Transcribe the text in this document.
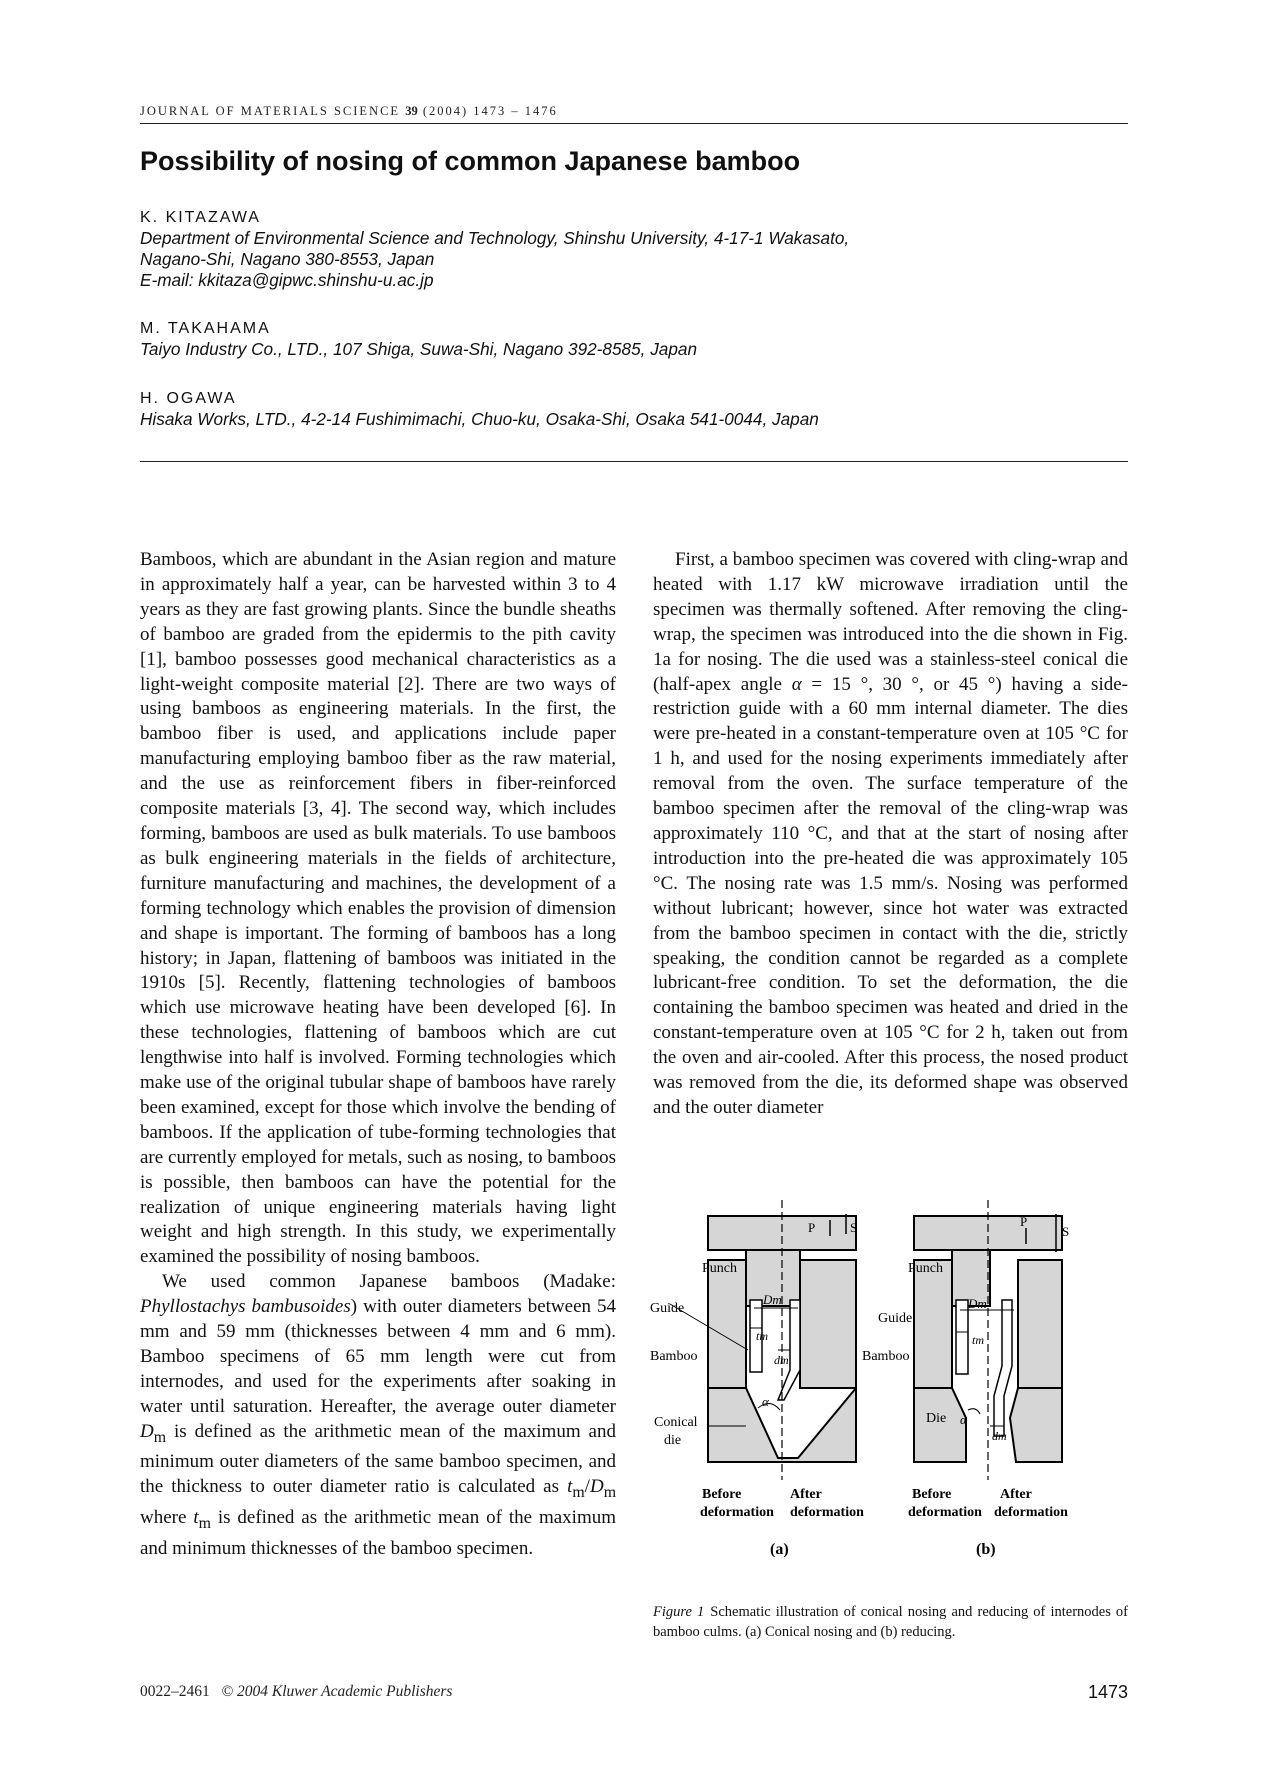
JOURNAL OF MATERIALS SCIENCE 39 (2004) 1473 – 1476
Possibility of nosing of common Japanese bamboo
K. KITAZAWA
Department of Environmental Science and Technology, Shinshu University, 4-17-1 Wakasato,
Nagano-Shi, Nagano 380-8553, Japan
E-mail: kkitaza@gipwc.shinshu-u.ac.jp
M. TAKAHAMA
Taiyo Industry Co., LTD., 107 Shiga, Suwa-Shi, Nagano 392-8585, Japan
H. OGAWA
Hisaka Works, LTD., 4-2-14 Fushimimachi, Chuo-ku, Osaka-Shi, Osaka 541-0044, Japan

Bamboos, which are abundant in the Asian region and mature in approximately half a year, can be harvested within 3 to 4 years as they are fast growing plants. Since the bundle sheaths of bamboo are graded from the epidermis to the pith cavity [1], bamboo possesses good mechanical characteristics as a light-weight composite material [2]. There are two ways of using bamboos as engineering materials. In the first, the bamboo fiber is used, and applications include paper manufacturing employing bamboo fiber as the raw material, and the use as reinforcement fibers in fiber-reinforced composite materials [3, 4]. The second way, which includes forming, bamboos are used as bulk materials. To use bamboos as bulk engineering materials in the fields of architecture, furniture manufacturing and machines, the development of a forming technology which enables the provision of dimension and shape is important. The forming of bamboos has a long history; in Japan, flattening of bamboos was initiated in the 1910s [5]. Recently, flattening technologies of bamboos which use microwave heating have been developed [6]. In these technologies, flattening of bamboos which are cut lengthwise into half is involved. Forming technologies which make use of the original tubular shape of bamboos have rarely been examined, except for those which involve the bending of bamboos. If the application of tube-forming technologies that are currently employed for metals, such as nosing, to bamboos is possible, then bamboos can have the potential for the realization of unique engineering materials having light weight and high strength. In this study, we experimentally examined the possibility of nosing bamboos.

We used common Japanese bamboos (Madake: Phyllostachys bambusoides) with outer diameters between 54 mm and 59 mm (thicknesses between 4 mm and 6 mm). Bamboo specimens of 65 mm length were cut from internodes, and used for the experiments after soaking in water until saturation. Hereafter, the average outer diameter $D_m$ is defined as the arithmetic mean of the maximum and minimum outer diameters of the same bamboo specimen, and the thickness to outer diameter ratio is calculated as $t_m/D_m$ where $t_m$ is defined as the arithmetic mean of the maximum and minimum thicknesses of the bamboo specimen.

First, a bamboo specimen was covered with cling-wrap and heated with 1.17 kW microwave irradiation until the specimen was thermally softened. After removing the cling-wrap, the specimen was introduced into the die shown in Fig. 1a for nosing. The die used was a stainless-steel conical die (half-apex angle α = 15 °, 30 °, or 45 °) having a side-restriction guide with a 60 mm internal diameter. The dies were pre-heated in a constant-temperature oven at 105 °C for 1 h, and used for the nosing experiments immediately after removal from the oven. The surface temperature of the bamboo specimen after the removal of the cling-wrap was approximately 110 °C, and that at the start of nosing after introduction into the pre-heated die was approximately 105 °C. The nosing rate was 1.5 mm/s. Nosing was performed without lubricant; however, since hot water was extracted from the bamboo specimen in contact with the die, strictly speaking, the condition cannot be regarded as a complete lubricant-free condition. To set the deformation, the die containing the bamboo specimen was heated and dried in the constant-temperature oven at 105 °C for 2 h, taken out from the oven and air-cooled. After this process, the nosed product was removed from the die, its deformed shape was observed and the outer diameter

P	S
Punch
Guide
Bamboo
Dm
tm
dm
α
Conical
die
Before
deformation
After
deformation
(a)
P
S
Punch
Guide
Bamboo
Dm
tm
dm
α
Die
Before
deformation
After
deformation
(b)
Figure 1 Schematic illustration of conical nosing and reducing of internodes of bamboo culms. (a) Conical nosing and (b) reducing.
0022–2461 © 2004 Kluwer Academic Publishers	1473
